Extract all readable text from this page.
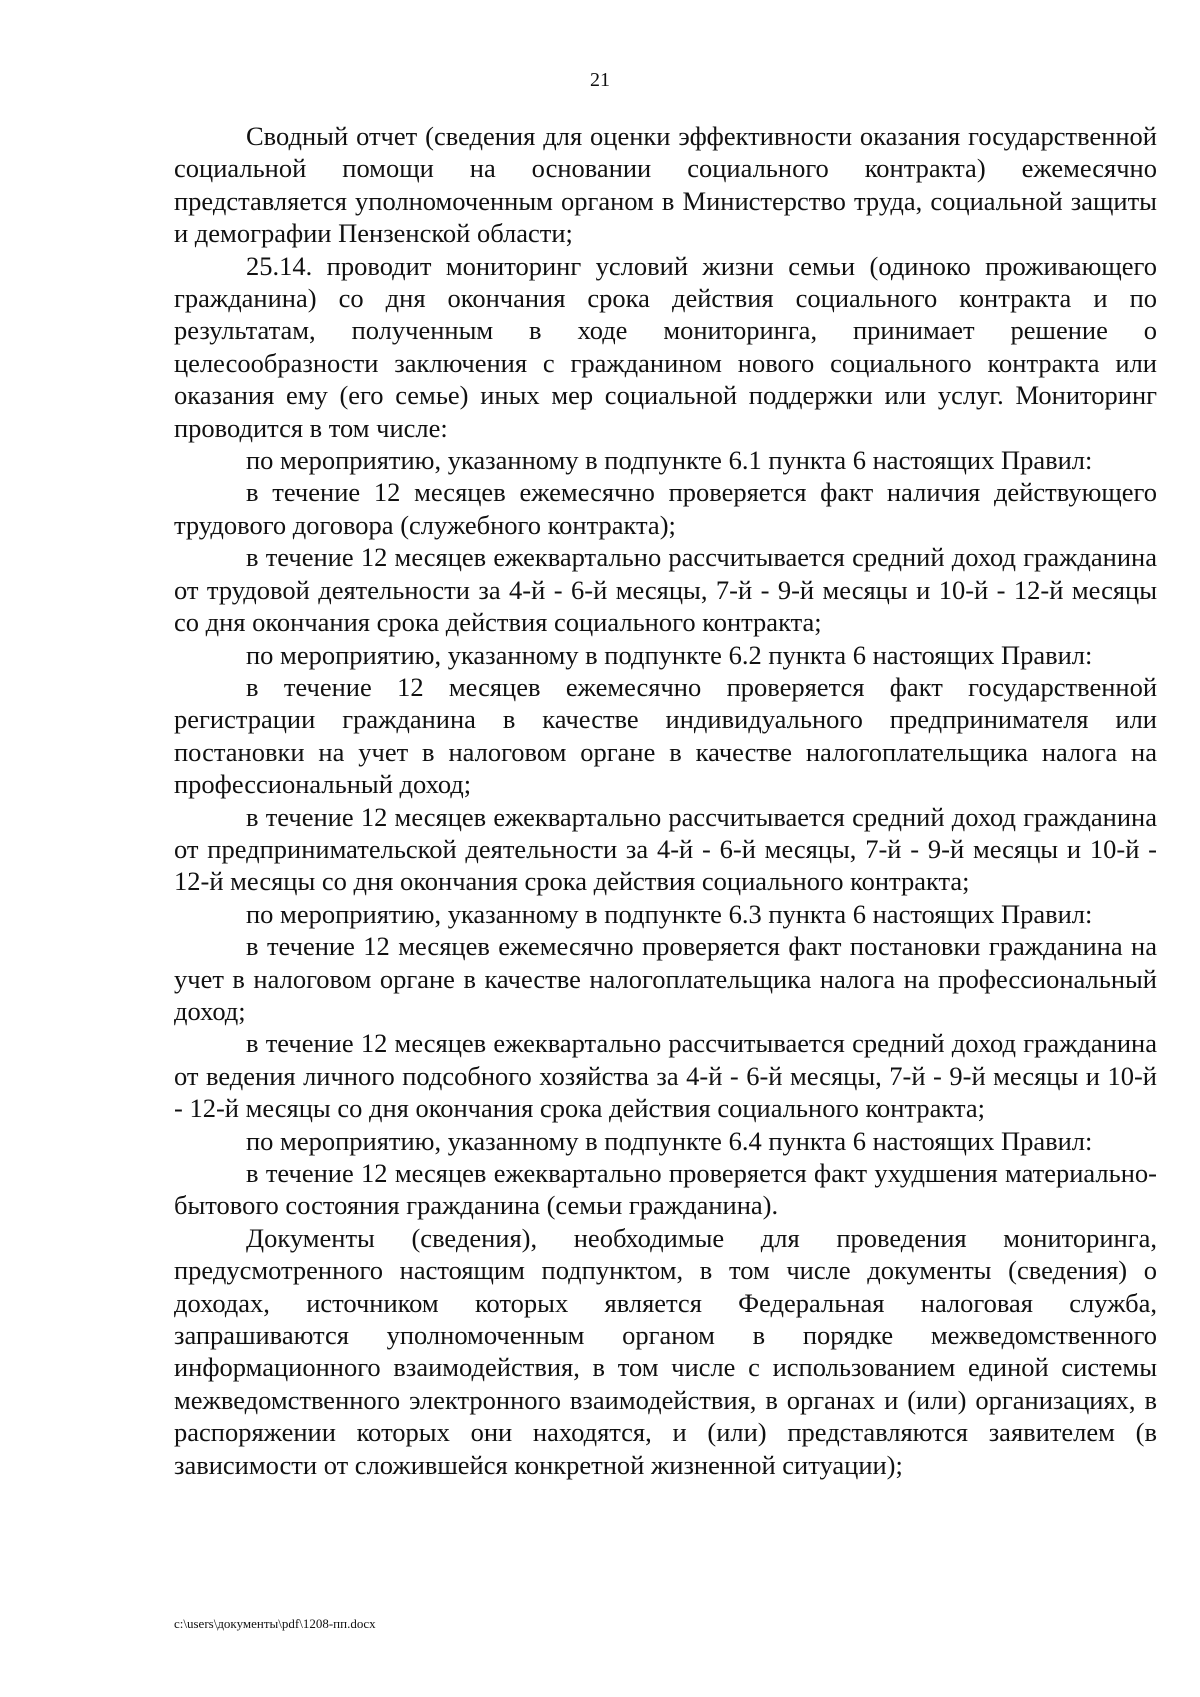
21

Сводный отчет (сведения для оценки эффективности оказания государственной социальной помощи на основании социального контракта) ежемесячно представляется уполномоченным органом в Министерство труда, социальной защиты и демографии Пензенской области;

25.14. проводит мониторинг условий жизни семьи (одиноко проживающего гражданина) со дня окончания срока действия социального контракта и по результатам, полученным в ходе мониторинга, принимает решение о целесообразности заключения с гражданином нового социального контракта или оказания ему (его семье) иных мер социальной поддержки или услуг. Мониторинг проводится в том числе:

по мероприятию, указанному в подпункте 6.1 пункта 6 настоящих Правил:

в течение 12 месяцев ежемесячно проверяется факт наличия действующего трудового договора (служебного контракта);

в течение 12 месяцев ежеквартально рассчитывается средний доход гражданина от трудовой деятельности за 4-й - 6-й месяцы, 7-й - 9-й месяцы и 10-й - 12-й месяцы со дня окончания срока действия социального контракта;

по мероприятию, указанному в подпункте 6.2 пункта 6 настоящих Правил:

в течение 12 месяцев ежемесячно проверяется факт государственной регистрации гражданина в качестве индивидуального предпринимателя или постановки на учет в налоговом органе в качестве налогоплательщика налога на профессиональный доход;

в течение 12 месяцев ежеквартально рассчитывается средний доход гражданина от предпринимательской деятельности за 4-й - 6-й месяцы, 7-й - 9-й месяцы и 10-й - 12-й месяцы со дня окончания срока действия социального контракта;

по мероприятию, указанному в подпункте 6.3 пункта 6 настоящих Правил:

в течение 12 месяцев ежемесячно проверяется факт постановки гражданина на учет в налоговом органе в качестве налогоплательщика налога на профессиональный доход;

в течение 12 месяцев ежеквартально рассчитывается средний доход гражданина от ведения личного подсобного хозяйства за 4-й - 6-й месяцы, 7-й - 9-й месяцы и 10-й - 12-й месяцы со дня окончания срока действия социального контракта;

по мероприятию, указанному в подпункте 6.4 пункта 6 настоящих Правил:

в течение 12 месяцев ежеквартально проверяется факт ухудшения материально-бытового состояния гражданина (семьи гражданина).

Документы (сведения), необходимые для проведения мониторинга, предусмотренного настоящим подпунктом, в том числе документы (сведения) о доходах, источником которых является Федеральная налоговая служба, запрашиваются уполномоченным органом в порядке межведомственного информационного взаимодействия, в том числе с использованием единой системы межведомственного электронного взаимодействия, в органах и (или) организациях, в распоряжении которых они находятся, и (или) представляются заявителем (в зависимости от сложившейся конкретной жизненной ситуации);

c:\users\документы\pdf\1208-пп.docx
